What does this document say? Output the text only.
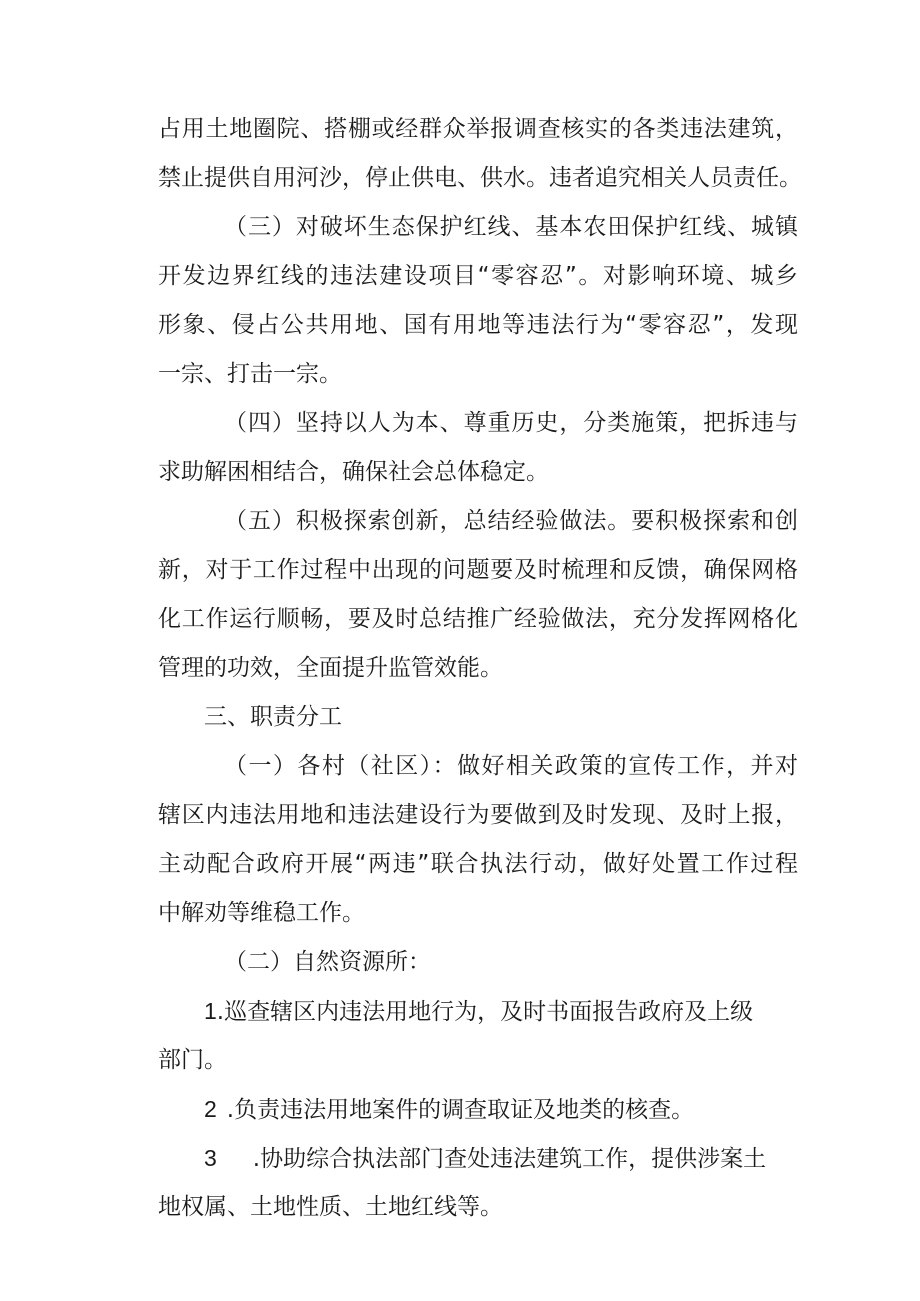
占用土地圈院、搭棚或经群众举报调查核实的各类违法建筑，
禁止提供自用河沙，停止供电、供水。违者追究相关人员责任。
（三）对破坏生态保护红线、基本农田保护红线、城镇
开发边界红线的违法建设项目“零容忍”。对影响环境、城乡
形象、侵占公共用地、国有用地等违法行为“零容忍”，发现
一宗、打击一宗。
（四）坚持以人为本、尊重历史，分类施策，把拆违与
求助解困相结合，确保社会总体稳定。
（五）积极探索创新，总结经验做法。要积极探索和创
新，对于工作过程中出现的问题要及时梳理和反馈，确保网格
化工作运行顺畅，要及时总结推广经验做法，充分发挥网格化
管理的功效，全面提升监管效能。
三、职责分工
（一）各村（社区）：做好相关政策的宣传工作，并对
辖区内违法用地和违法建设行为要做到及时发现、及时上报，
主动配合政府开展“两违”联合执法行动，做好处置工作过程
中解劝等维稳工作。
（二）自然资源所：
1.巡查辖区内违法用地行为，及时书面报告政府及上级
部门。
2 .负责违法用地案件的调查取证及地类的核查。
3 .协助综合执法部门查处违法建筑工作，提供涉案土
地权属、土地性质、土地红线等。
